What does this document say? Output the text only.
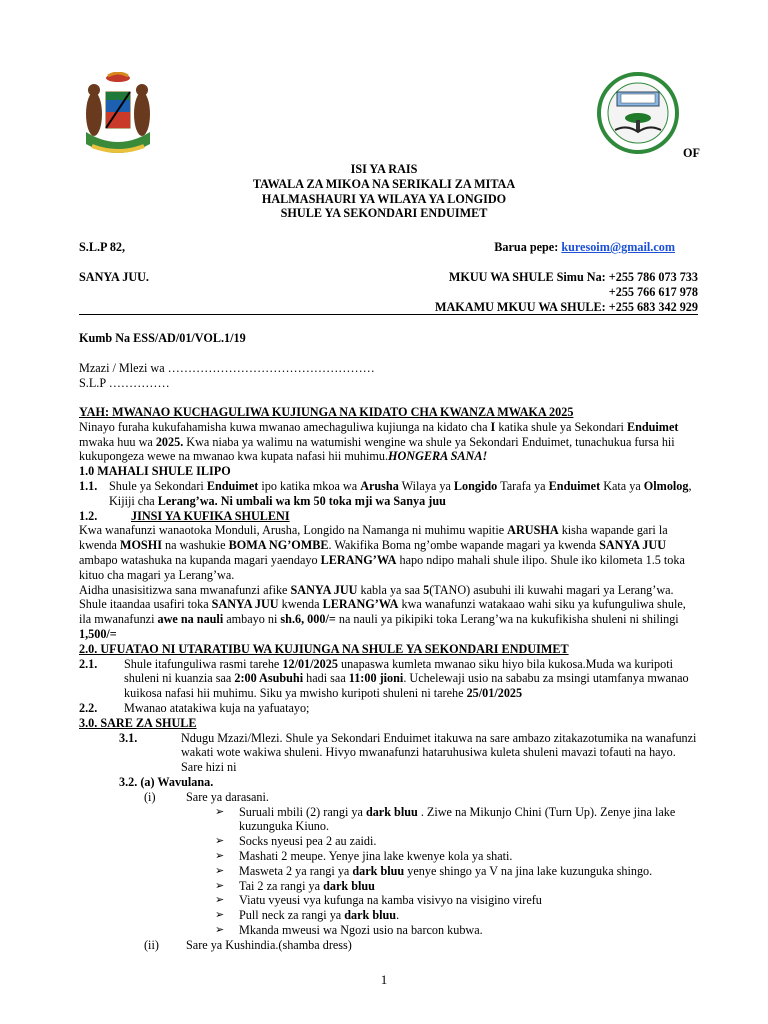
OF
ISI YA RAIS
TAWALA ZA MIKOA NA SERIKALI ZA MITAA
HALMASHAURI YA WILAYA YA LONGIDO
SHULE YA SEKONDARI ENDUIMET
S.L.P 82,	Barua pepe: kuresoim@gmail.com
SANYA JUU.	MKUU WA SHULE Simu Na: +255 786 073 733
+255 766 617 978
MAKAMU MKUU WA SHULE: +255 683 342 929
Kumb Na ESS/AD/01/VOL.1/19
Mzazi / Mlezi wa ……………………………………………
S.L.P ……………
YAH: MWANAO KUCHAGULIWA KUJIUNGA NA KIDATO CHA KWANZA MWAKA 2025
Ninayo furaha kukufahamisha kuwa mwanao amechaguliwa kujiunga na kidato cha I katika shule ya Sekondari Enduimet mwaka huu wa 2025. Kwa niaba ya walimu na watumishi wengine wa shule ya Sekondari Enduimet, tunachukua fursa hii kukupongeza wewe na mwanao kwa kupata nafasi hii muhimu.HONGERA SANA!
1.0 MAHALI SHULE ILIPO
1.1. Shule ya Sekondari Enduimet ipo katika mkoa wa Arusha Wilaya ya Longido Tarafa ya Enduimet Kata ya Olmolog, Kijiji cha Lerang’wa. Ni umbali wa km 50 toka mji wa Sanya juu
1.2.	JINSI YA KUFIKA SHULENI
Kwa wanafunzi wanaotoka Monduli, Arusha, Longido na Namanga ni muhimu wapitie ARUSHA kisha wapande gari la kwenda MOSHI na washukie BOMA NG’OMBE. Wakifika Boma ng’ombe wapande magari ya kwenda SANYA JUU ambapo watashuka na kupanda magari yaendayo LERANG’WA hapo ndipo mahali shule ilipo. Shule iko kilometa 1.5 toka kituo cha magari ya Lerang’wa.
Aidha unasisitizwa sana mwanafunzi afike SANYA JUU kabla ya saa 5(TANO) asubuhi ili kuwahi magari ya Lerang’wa. Shule itaandaa usafiri toka SANYA JUU kwenda LERANG’WA kwa wanafunzi watakaao wahi siku ya kufunguliwa shule, ila mwanafunzi awe na nauli ambayo ni sh.6, 000/= na nauli ya pikipiki toka Lerang’wa na kukufikisha shuleni ni shilingi 1,500/=
2.0. UFUATAO NI UTARATIBU WA KUJIUNGA NA SHULE YA SEKONDARI ENDUIMET
2.1. Shule itafunguliwa rasmi tarehe 12/01/2025 unapaswa kumleta mwanao siku hiyo bila kukosa.Muda wa kuripoti shuleni ni kuanzia saa 2:00 Asubuhi hadi saa 11:00 jioni. Uchelewaji usio na sababu za msingi utamfanya mwanao kuikosa nafasi hii muhimu. Siku ya mwisho kuripoti shuleni ni tarehe 25/01/2025
2.2. Mwanao atatakiwa kuja na yafuatayo;
3.0. SARE ZA SHULE
3.1.	Ndugu Mzazi/Mlezi. Shule ya Sekondari Enduimet itakuwa na sare ambazo zitakazotumika na wanafunzi wakati wote wakiwa shuleni. Hivyo mwanafunzi hataruhusiwa kuleta shuleni mavazi tofauti na hayo. Sare hizi ni
3.2. (a) Wavulana.
(i) Sare ya darasani.
➢ Suruali mbili (2) rangi ya dark bluu . Ziwe na Mikunjo Chini (Turn Up). Zenye jina lake kuzunguka Kiuno.
➢ Socks nyeusi pea 2 au zaidi.
➢ Mashati 2 meupe. Yenye jina lake kwenye kola ya shati.
➢ Masweta 2 ya rangi ya dark bluu yenye shingo ya V na jina lake kuzunguka shingo.
➢ Tai 2 za rangi ya dark bluu
➢ Viatu vyeusi vya kufunga na kamba visivyo na visigino virefu
➢ Pull neck za rangi ya dark bluu.
➢ Mkanda mweusi wa Ngozi usio na barcon kubwa.
(ii) Sare ya Kushindia.(shamba dress)
1
